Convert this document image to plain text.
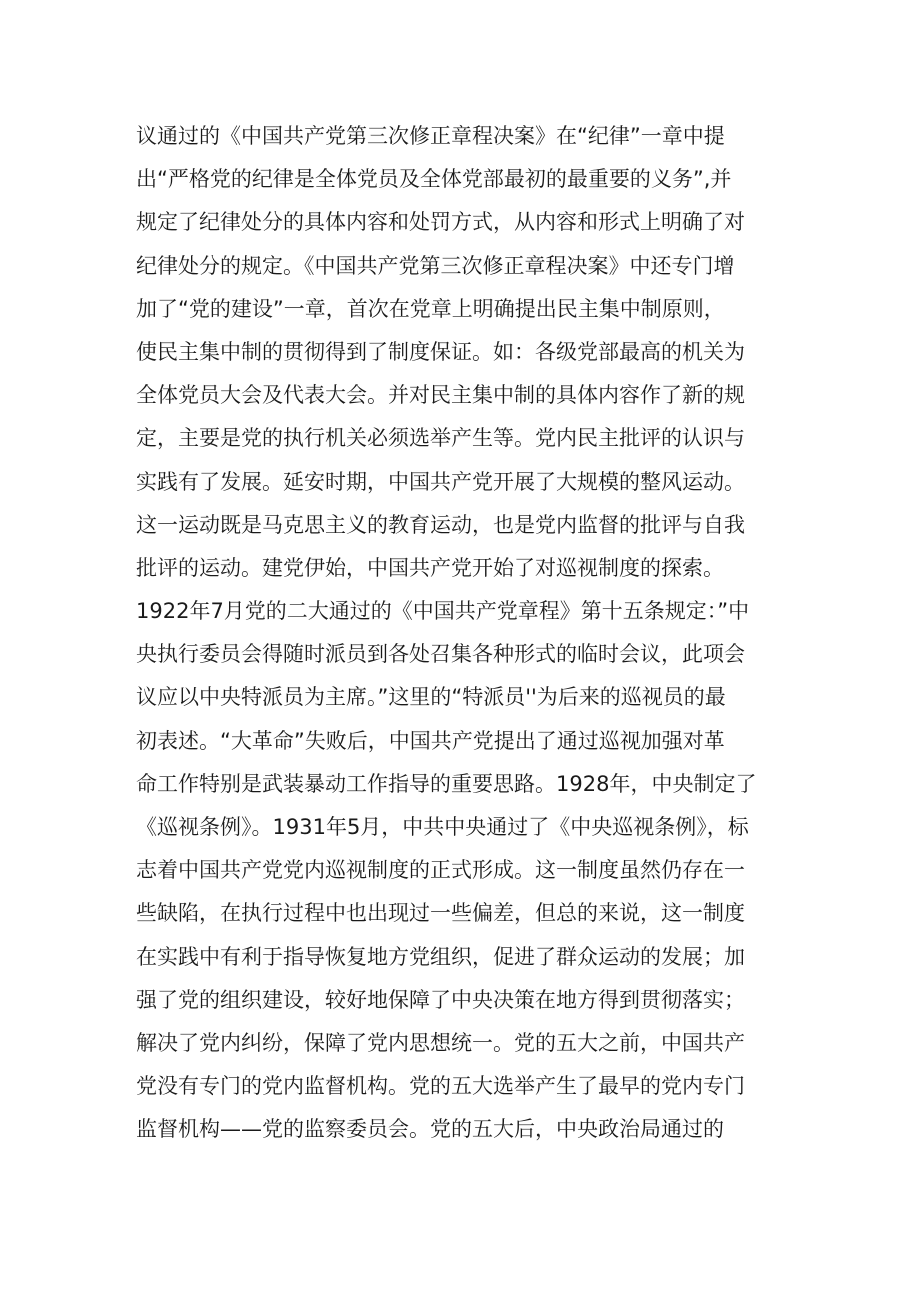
议通过的《中国共产党第三次修正章程决案》在“纪律”一章中提
出“严格党的纪律是全体党员及全体党部最初的最重要的义务”,并
规定了纪律处分的具体内容和处罚方式，从内容和形式上明确了对
纪律处分的规定。《中国共产党第三次修正章程决案》中还专门增
加了“党的建设”一章，首次在党章上明确提出民主集中制原则，
使民主集中制的贯彻得到了制度保证。如：各级党部最高的机关为
全体党员大会及代表大会。并对民主集中制的具体内容作了新的规
定，主要是党的执行机关必须选举产生等。党内民主批评的认识与
实践有了发展。延安时期，中国共产党开展了大规模的整风运动。
这一运动既是马克思主义的教育运动，也是党内监督的批评与自我
批评的运动。建党伊始，中国共产党开始了对巡视制度的探索。
1922年7月党的二大通过的《中国共产党章程》第十五条规定：”中
央执行委员会得随时派员到各处召集各种形式的临时会议，此项会
议应以中央特派员为主席。”这里的“特派员''为后来的巡视员的最
初表述。“大革命”失败后，中国共产党提出了通过巡视加强对革
命工作特别是武装暴动工作指导的重要思路。1928年，中央制定了
《巡视条例》。1931年5月，中共中央通过了《中央巡视条例》，标
志着中国共产党党内巡视制度的正式形成。这一制度虽然仍存在一
些缺陷，在执行过程中也出现过一些偏差，但总的来说，这一制度
在实践中有利于指导恢复地方党组织，促进了群众运动的发展；加
强了党的组织建设，较好地保障了中央决策在地方得到贯彻落实；
解决了党内纠纷，保障了党内思想统一。党的五大之前，中国共产
党没有专门的党内监督机构。党的五大选举产生了最早的党内专门
监督机构——党的监察委员会。党的五大后，中央政治局通过的
